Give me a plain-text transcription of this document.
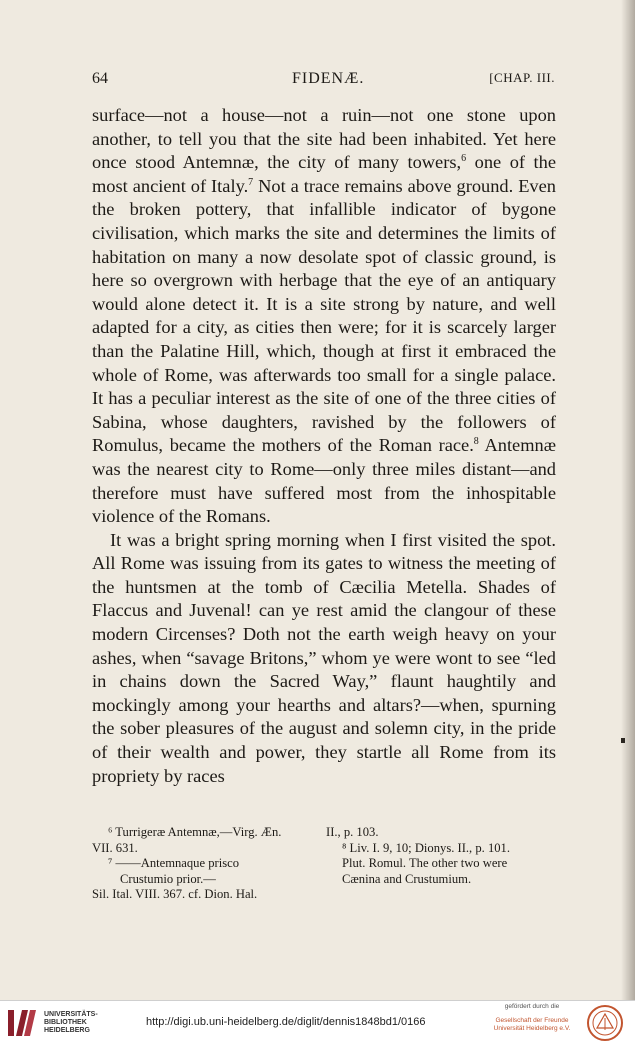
64	FIDENÆ.	[CHAP. III.

surface—not a house—not a ruin—not one stone upon another, to tell you that the site had been inhabited. Yet here once stood Antemnæ, the city of many towers,$^6$ one of the most ancient of Italy.$^7$ Not a trace remains above ground. Even the broken pottery, that infallible indicator of bygone civilisation, which marks the site and determines the limits of habitation on many a now desolate spot of classic ground, is here so overgrown with herbage that the eye of an antiquary would alone detect it. It is a site strong by nature, and well adapted for a city, as cities then were; for it is scarcely larger than the Palatine Hill, which, though at first it embraced the whole of Rome, was afterwards too small for a single palace. It has a peculiar interest as the site of one of the three cities of Sabina, whose daughters, ravished by the followers of Romulus, became the mothers of the Roman race.$^8$ Antemnæ was the nearest city to Rome—only three miles distant—and therefore must have suffered most from the inhospitable violence of the Romans.

It was a bright spring morning when I first visited the spot. All Rome was issuing from its gates to witness the meeting of the huntsmen at the tomb of Cæcilia Metella. Shades of Flaccus and Juvenal! can ye rest amid the clangour of these modern Circenses? Doth not the earth weigh heavy on your ashes, when “savage Britons,” whom ye were wont to see “led in chains down the Sacred Way,” flaunt haughtily and mockingly among your hearths and altars?—when, spurning the sober pleasures of the august and solemn city, in the pride of their wealth and power, they startle all Rome from its propriety by races

⁶ Turrigeræ Antemnæ,—Virg. Æn.
VII. 631.
⁷ ——Antemnaque prisco
Crustumio prior.—
Sil. Ital. VIII. 367. cf. Dion. Hal.
II., p. 103.
⁸ Liv. I. 9, 10; Dionys. II., p. 101.
Plut. Romul. The other two were
Cænina and Crustumium.
UNIVERSITÄTS-
BIBLIOTHEK
HEIDELBERG
http://digi.ub.uni-heidelberg.de/diglit/dennis1848bd1/0166
gefördert durch die
Gesellschaft der Freunde
Universität Heidelberg e.V.
